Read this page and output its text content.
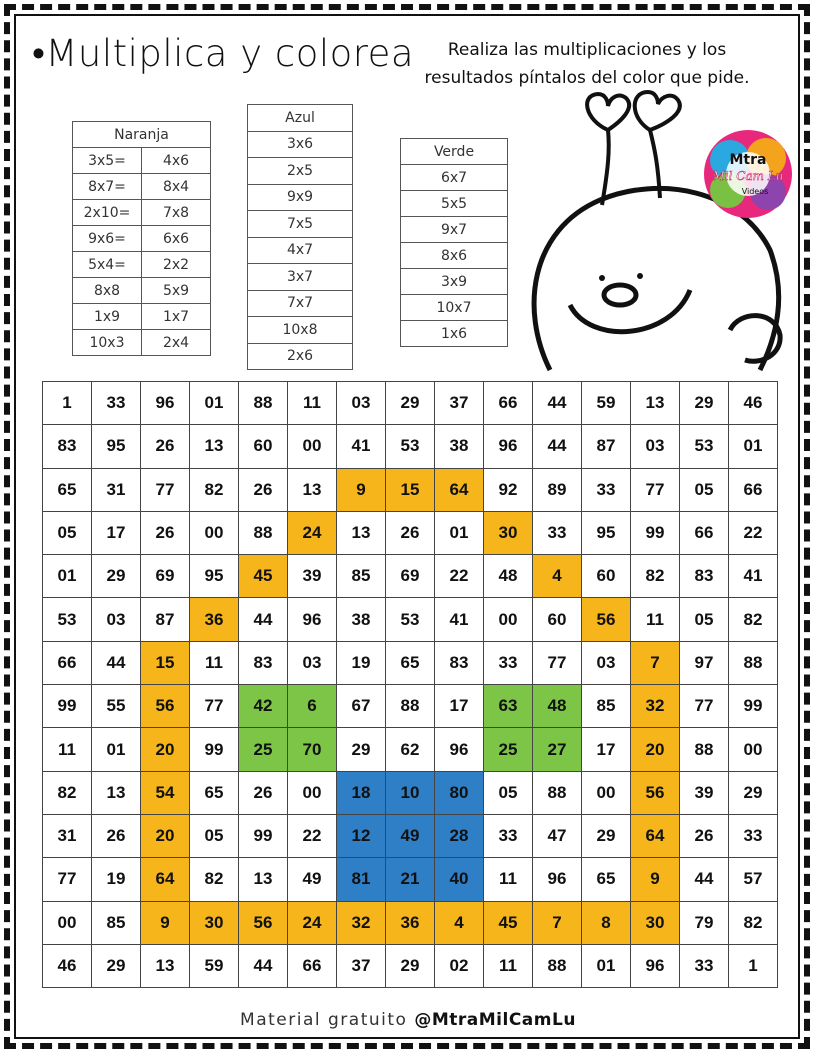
•Multiplica y colorea	Realiza las multiplicaciones y los resultados píntalos del color que pide.
Mtra
Mil Cam Lu
Videos
Naranja	
3x5=	4x6
8x7=	8x4
2x10=	7x8
9x6=	6x6
5x4=	2x2
8x8	5x9
1x9	1x7
10x3	2x4
Azul
3x6
2x5
9x9
7x5
4x7
3x7
7x7
10x8
2x6
Verde
6x7
5x5
9x7
8x6
3x9
10x7
1x6
1	33	96	01	88	11	03	29	37	66	44	59	13	29	46
83	95	26	13	60	00	41	53	38	96	44	87	03	53	01
65	31	77	82	26	13	9	15	64	92	89	33	77	05	66
05	17	26	00	88	24	13	26	01	30	33	95	99	66	22
01	29	69	95	45	39	85	69	22	48	4	60	82	83	41
53	03	87	36	44	96	38	53	41	00	60	56	11	05	82
66	44	15	11	83	03	19	65	83	33	77	03	7	97	88
99	55	56	77	42	6	67	88	17	63	48	85	32	77	99
11	01	20	99	25	70	29	62	96	25	27	17	20	88	00
82	13	54	65	26	00	18	10	80	05	88	00	56	39	29
31	26	20	05	99	22	12	49	28	33	47	29	64	26	33
77	19	64	82	13	49	81	21	40	11	96	65	9	44	57
00	85	9	30	56	24	32	36	4	45	7	8	30	79	82
46	29	13	59	44	66	37	29	02	11	88	01	96	33	1
Material gratuito @MtraMilCamLu
